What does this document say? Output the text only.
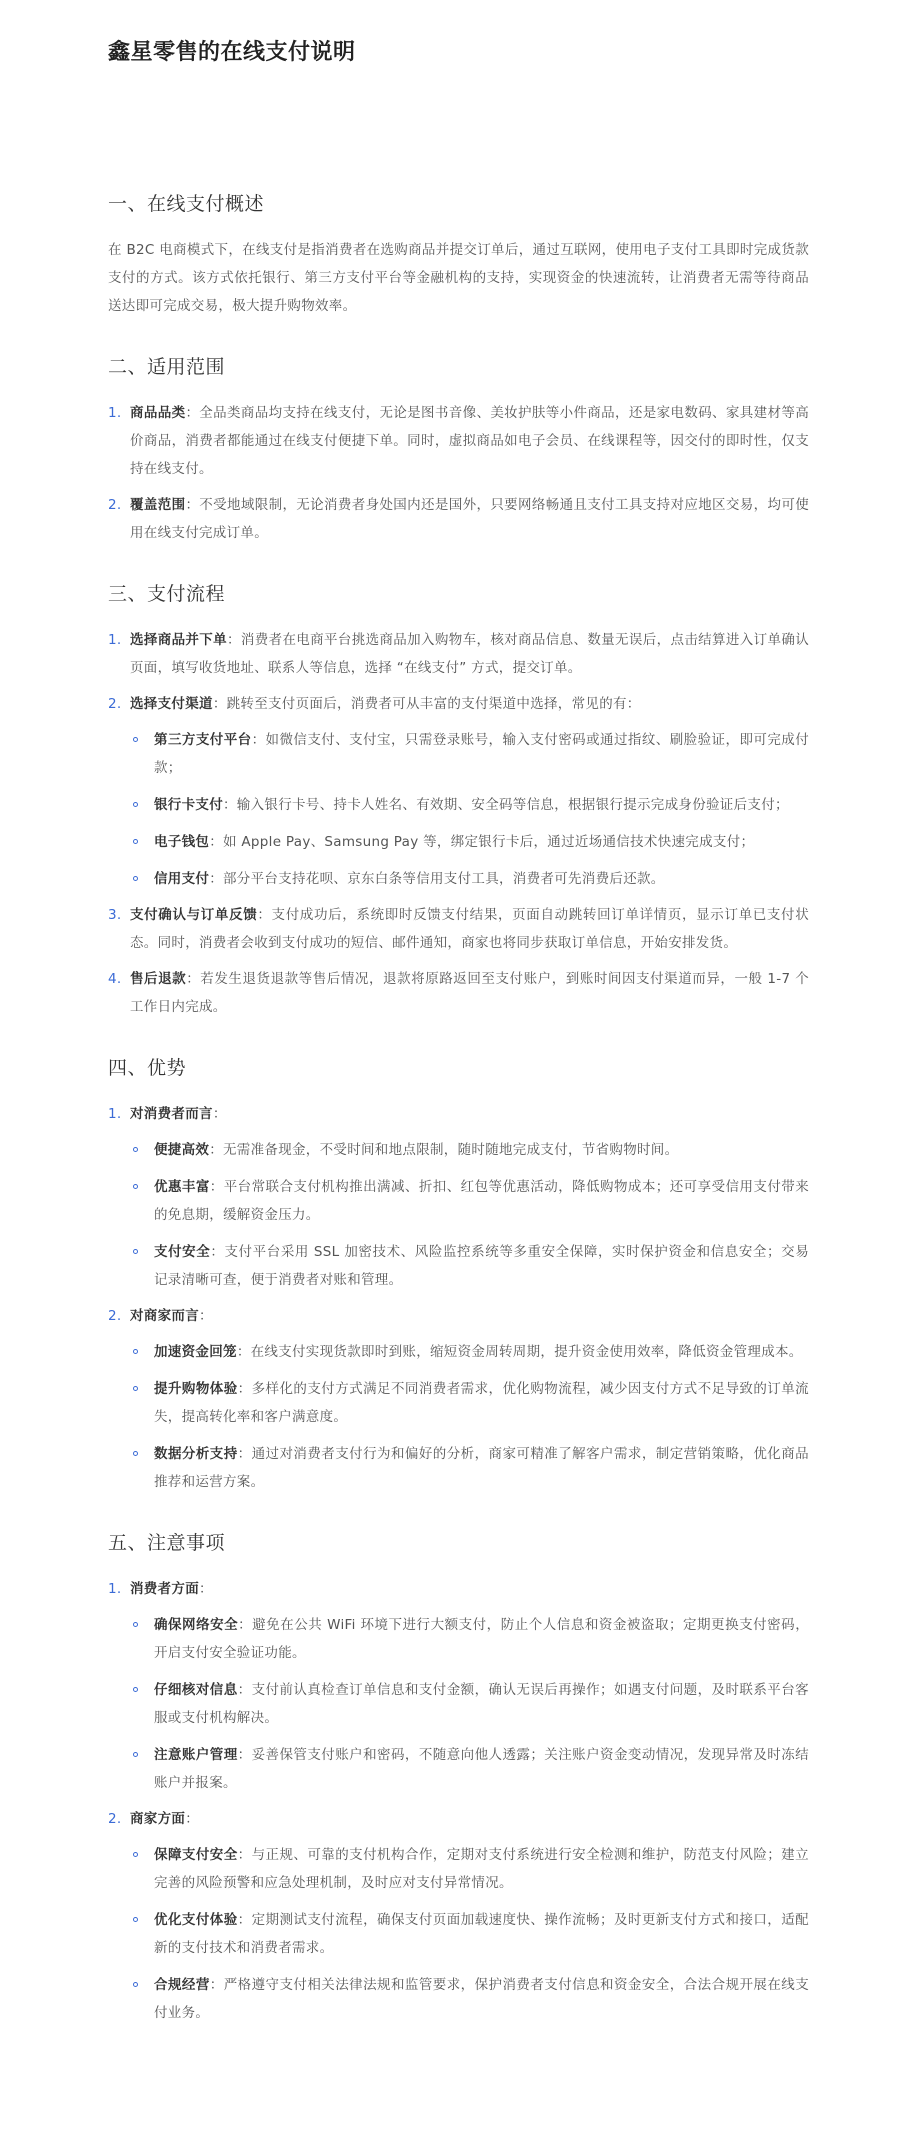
鑫星零售的在线支付说明
一、在线支付概述

在 B2C 电商模式下，在线支付是指消费者在选购商品并提交订单后，通过互联网，使用电子支付工具即时完成货款支付的方式。该方式依托银行、第三方支付平台等金融机构的支持，实现资金的快速流转，让消费者无需等待商品送达即可完成交易，极大提升购物效率。

二、适用范围
1. 商品品类：全品类商品均支持在线支付，无论是图书音像、美妆护肤等小件商品，还是家电数码、家具建材等高价商品，消费者都能通过在线支付便捷下单。同时，虚拟商品如电子会员、在线课程等，因交付的即时性，仅支持在线支付。
2. 覆盖范围：不受地域限制，无论消费者身处国内还是国外，只要网络畅通且支付工具支持对应地区交易，均可使用在线支付完成订单。
三、支付流程
1. 选择商品并下单：消费者在电商平台挑选商品加入购物车，核对商品信息、数量无误后，点击结算进入订单确认页面，填写收货地址、联系人等信息，选择 “在线支付” 方式，提交订单。
2. 选择支付渠道：跳转至支付页面后，消费者可从丰富的支付渠道中选择，常见的有：
第三方支付平台：如微信支付、支付宝，只需登录账号，输入支付密码或通过指纹、刷脸验证，即可完成付款；
银行卡支付：输入银行卡号、持卡人姓名、有效期、安全码等信息，根据银行提示完成身份验证后支付；
电子钱包：如 Apple Pay、Samsung Pay 等，绑定银行卡后，通过近场通信技术快速完成支付；
信用支付：部分平台支持花呗、京东白条等信用支付工具，消费者可先消费后还款。
3. 支付确认与订单反馈：支付成功后，系统即时反馈支付结果，页面自动跳转回订单详情页，显示订单已支付状态。同时，消费者会收到支付成功的短信、邮件通知，商家也将同步获取订单信息，开始安排发货。
4. 售后退款：若发生退货退款等售后情况，退款将原路返回至支付账户，到账时间因支付渠道而异，一般 1-7 个工作日内完成。
四、优势
1. 对消费者而言：
便捷高效：无需准备现金，不受时间和地点限制，随时随地完成支付，节省购物时间。
优惠丰富：平台常联合支付机构推出满减、折扣、红包等优惠活动，降低购物成本；还可享受信用支付带来的免息期，缓解资金压力。
支付安全：支付平台采用 SSL 加密技术、风险监控系统等多重安全保障，实时保护资金和信息安全；交易记录清晰可查，便于消费者对账和管理。
2. 对商家而言：
加速资金回笼：在线支付实现货款即时到账，缩短资金周转周期，提升资金使用效率，降低资金管理成本。
提升购物体验：多样化的支付方式满足不同消费者需求，优化购物流程，减少因支付方式不足导致的订单流失，提高转化率和客户满意度。
数据分析支持：通过对消费者支付行为和偏好的分析，商家可精准了解客户需求，制定营销策略，优化商品推荐和运营方案。
五、注意事项
1. 消费者方面：
确保网络安全：避免在公共 WiFi 环境下进行大额支付，防止个人信息和资金被盗取；定期更换支付密码，开启支付安全验证功能。
仔细核对信息：支付前认真检查订单信息和支付金额，确认无误后再操作；如遇支付问题，及时联系平台客服或支付机构解决。
注意账户管理：妥善保管支付账户和密码，不随意向他人透露；关注账户资金变动情况，发现异常及时冻结账户并报案。
2. 商家方面：
保障支付安全：与正规、可靠的支付机构合作，定期对支付系统进行安全检测和维护，防范支付风险；建立完善的风险预警和应急处理机制，及时应对支付异常情况。
优化支付体验：定期测试支付流程，确保支付页面加载速度快、操作流畅；及时更新支付方式和接口，适配新的支付技术和消费者需求。
合规经营：严格遵守支付相关法律法规和监管要求，保护消费者支付信息和资金安全，合法合规开展在线支付业务。
